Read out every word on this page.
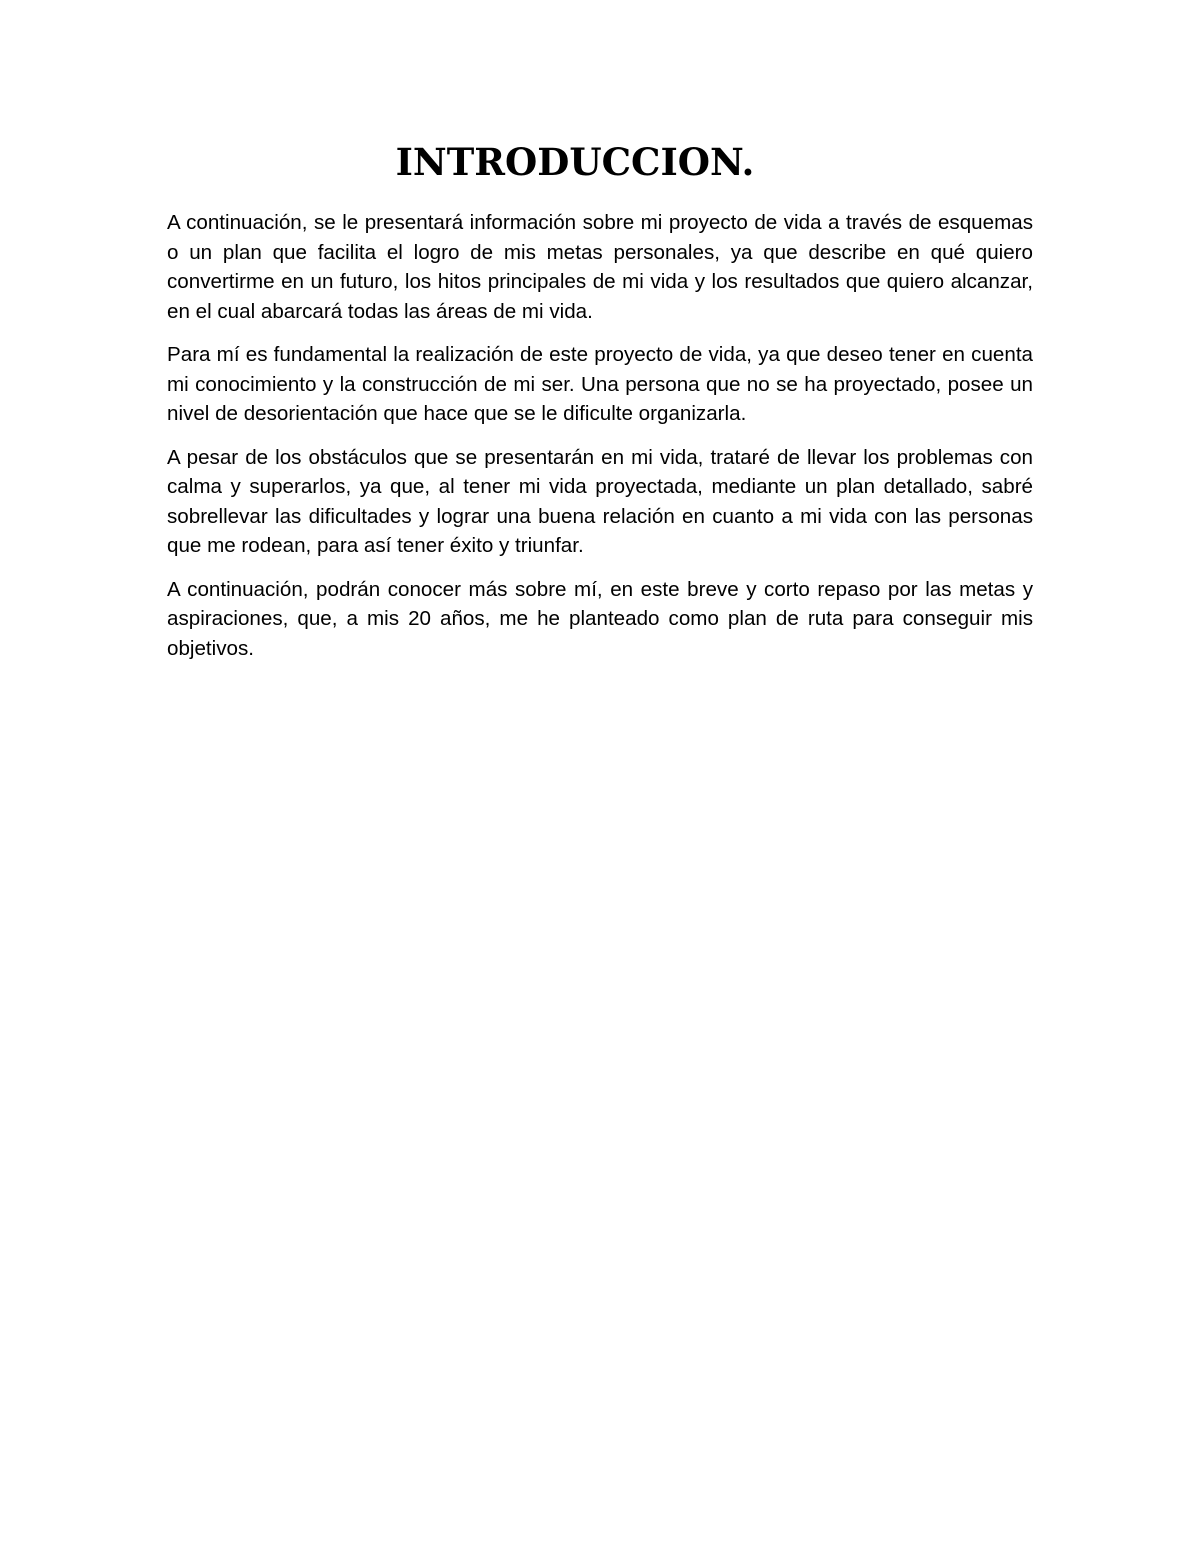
INTRODUCCION.

A continuación, se le presentará información sobre mi proyecto de vida a través de esquemas o un plan que facilita el logro de mis metas personales, ya que describe en qué quiero convertirme en un futuro, los hitos principales de mi vida y los resultados que quiero alcanzar, en el cual abarcará todas las áreas de mi vida.

Para mí es fundamental la realización de este proyecto de vida, ya que deseo tener en cuenta mi conocimiento y la construcción de mi ser. Una persona que no se ha proyectado, posee un nivel de desorientación que hace que se le dificulte organizarla.

A pesar de los obstáculos que se presentarán en mi vida, trataré de llevar los problemas con calma y superarlos, ya que, al tener mi vida proyectada, mediante un plan detallado, sabré sobrellevar las dificultades y lograr una buena relación en cuanto a mi vida con las personas que me rodean, para así tener éxito y triunfar.

A continuación, podrán conocer más sobre mí, en este breve y corto repaso por las metas y aspiraciones, que, a mis 20 años, me he planteado como plan de ruta para conseguir mis objetivos.
